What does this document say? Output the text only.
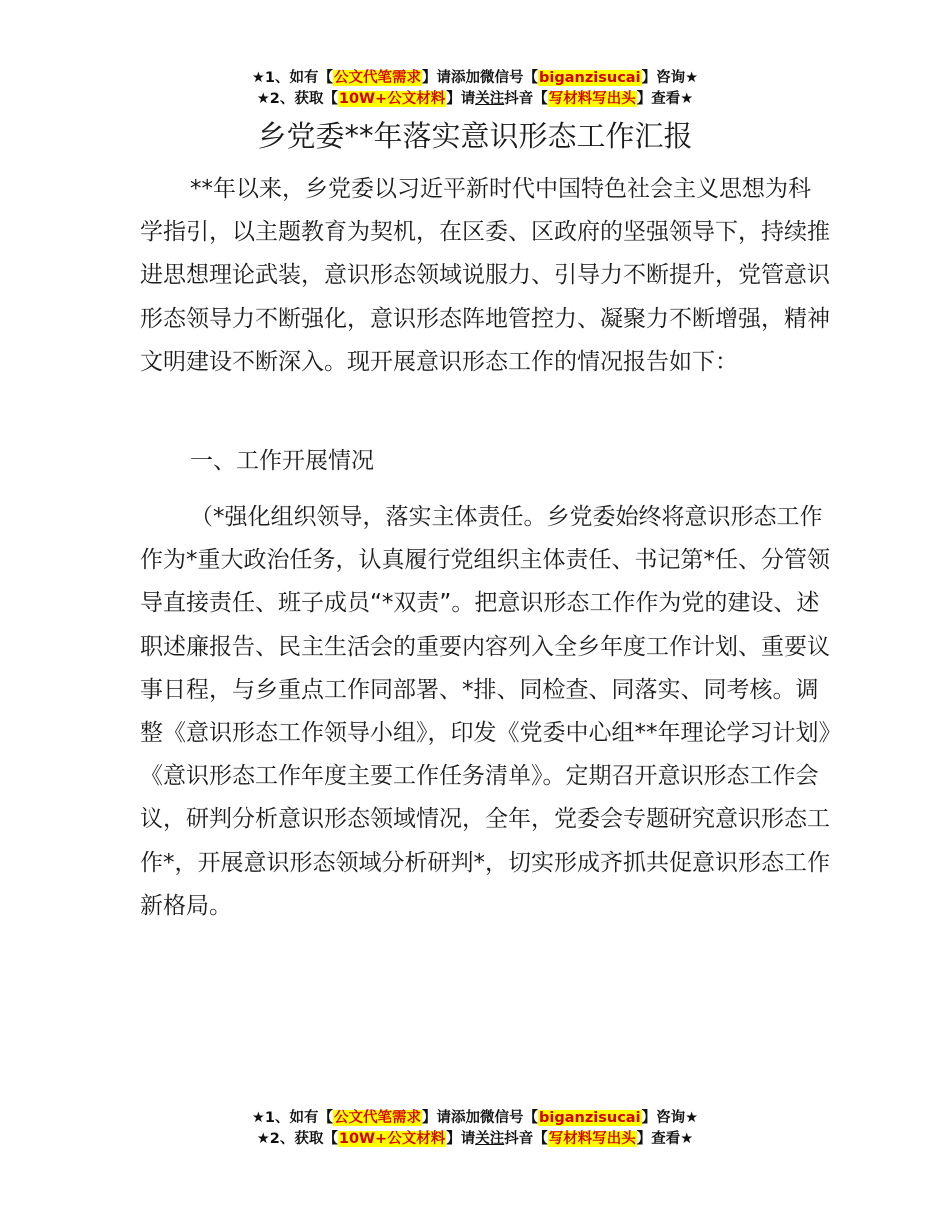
★1、如有【公文代笔需求】请添加微信号【biganzisucai】咨询★
★2、获取【10W+公文材料】请关注抖音【写材料写出头】查看★
乡党委**年落实意识形态工作汇报

**年以来，乡党委以习近平新时代中国特色社会主义思想为科学指引，以主题教育为契机，在区委、区政府的坚强领导下，持续推进思想理论武装，意识形态领域说服力、引导力不断提升，党管意识形态领导力不断强化，意识形态阵地管控力、凝聚力不断增强，精神文明建设不断深入。现开展意识形态工作的情况报告如下：

一、工作开展情况

（*强化组织领导，落实主体责任。乡党委始终将意识形态工作作为*重大政治任务，认真履行党组织主体责任、书记第*任、分管领导直接责任、班子成员“*双责”。把意识形态工作作为党的建设、述职述廉报告、民主生活会的重要内容列入全乡年度工作计划、重要议事日程，与乡重点工作同部署、*排、同检查、同落实、同考核。调整《意识形态工作领导小组》，印发《党委中心组**年理论学习计划》《意识形态工作年度主要工作任务清单》。定期召开意识形态工作会议，研判分析意识形态领域情况，全年，党委会专题研究意识形态工作*，开展意识形态领域分析研判*，切实形成齐抓共促意识形态工作新格局。

★1、如有【公文代笔需求】请添加微信号【biganzisucai】咨询★
★2、获取【10W+公文材料】请关注抖音【写材料写出头】查看★
